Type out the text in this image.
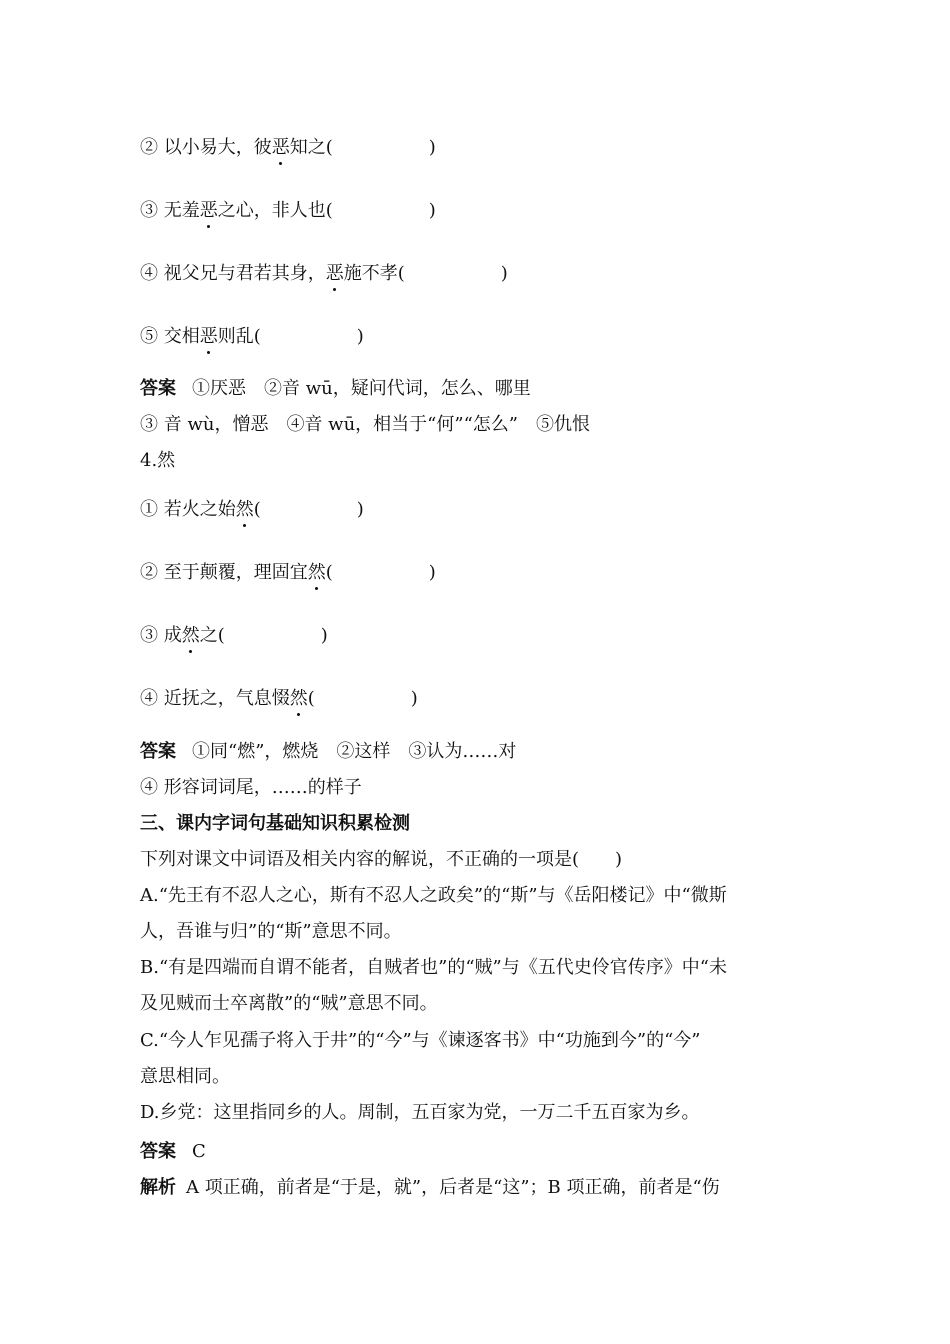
② 以小易大，彼恶知之(	)
③ 无羞恶之心，非人也(	)
④ 视父兄与君若其身，恶施不孝(	)
⑤ 交相恶则乱(	)
答案 ①厌恶　②音 wū，疑问代词，怎么、哪里
③ 音 wù，憎恶　④音 wū，相当于“何”“怎么”　⑤仇恨
4.然
① 若火之始然(	)
② 至于颠覆，理固宜然(	)
③ 成然之(	)
④ 近抚之，气息惙然(	)
答案 ①同“燃”，燃烧　②这样　③认为……对
④ 形容词词尾，……的样子
三、课内字词句基础知识积累检测
下列对课文中词语及相关内容的解说，不正确的一项是(　　)
A.“先王有不忍人之心，斯有不忍人之政矣”的“斯”与《岳阳楼记》中“微斯
人，吾谁与归”的“斯”意思不同。
B.“有是四端而自谓不能者，自贼者也”的“贼”与《五代史伶官传序》中“未
及见贼而士卒离散”的“贼”意思不同。
C.“今人乍见孺子将入于井”的“今”与《谏逐客书》中“功施到今”的“今”
意思相同。
D.乡党：这里指同乡的人。周制，五百家为党，一万二千五百家为乡。
答案 C
解析 A 项正确，前者是“于是，就”，后者是“这”；B 项正确，前者是“伤
